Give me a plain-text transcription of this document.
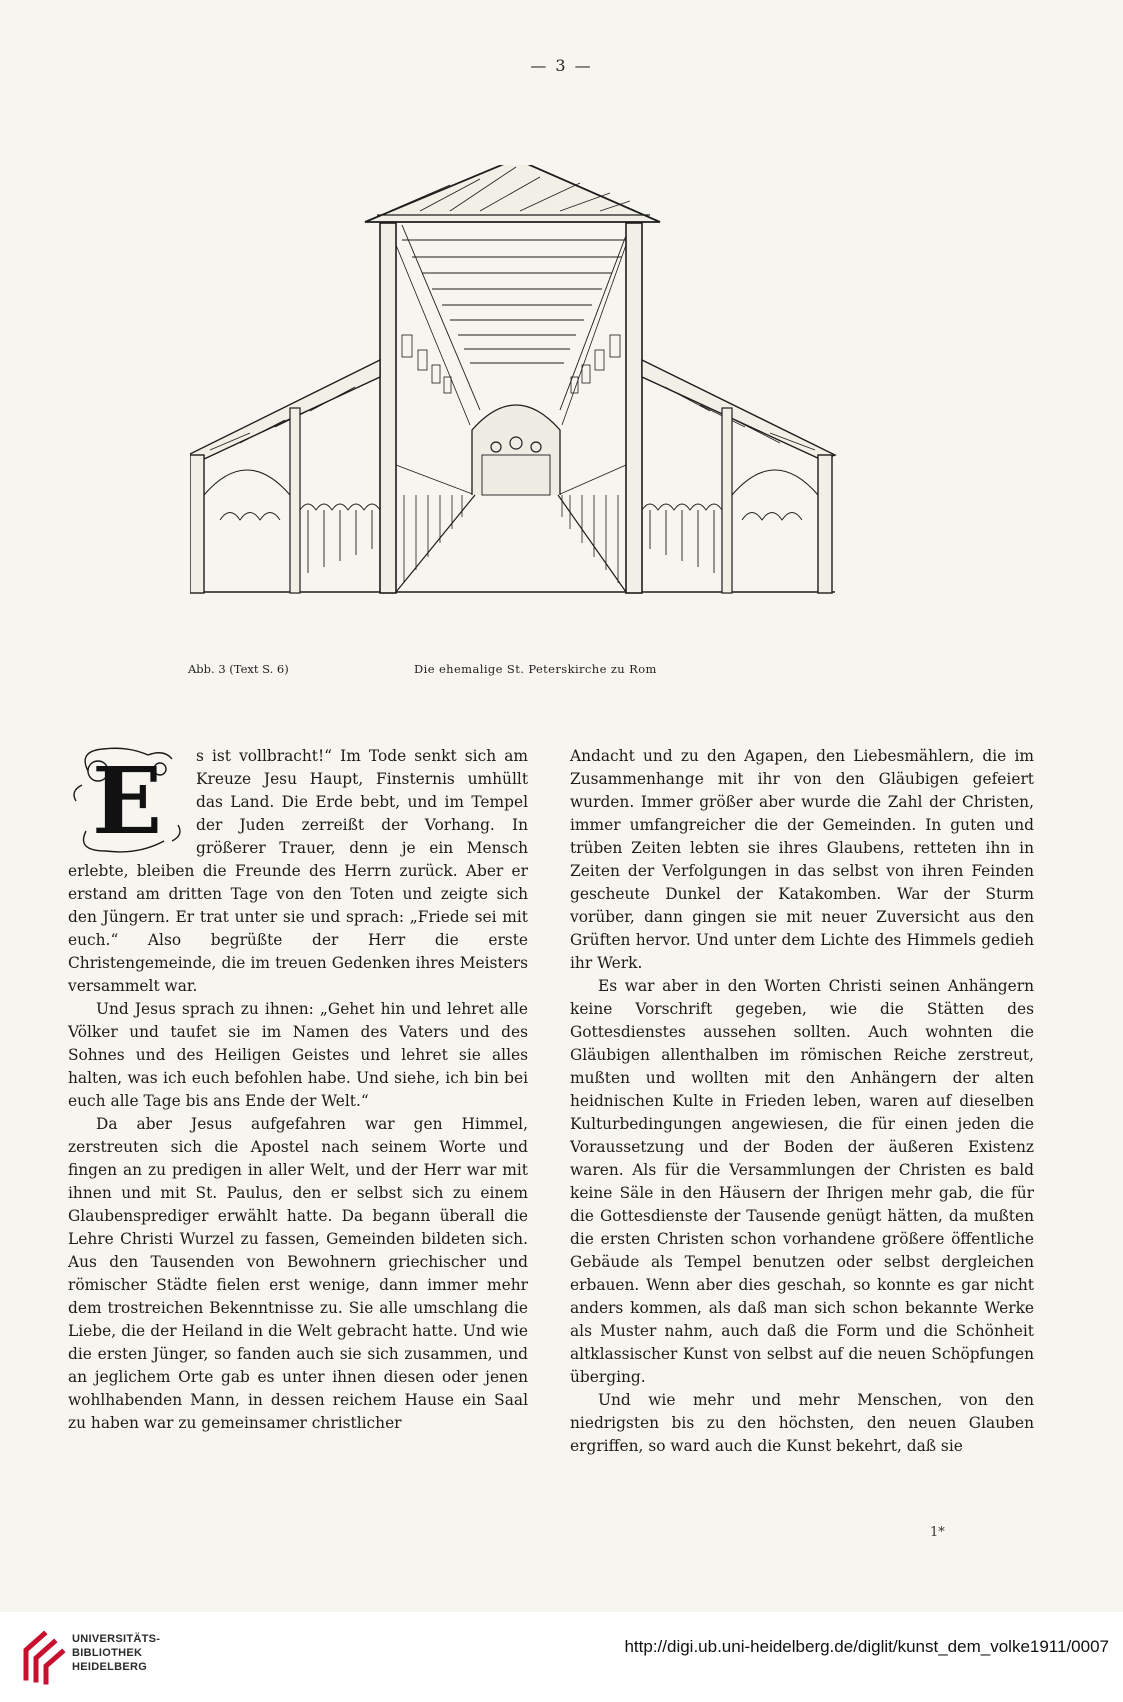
— 3 —
Abb. 3 (Text S. 6)	Die ehemalige St. Peterskirche zu Rom
E	s ist vollbracht!“ Im Tode senkt sich am Kreuze Jesu Haupt, Finsternis umhüllt das Land. Die Erde bebt, und im Tempel der Juden zerreißt der Vorhang. In größerer Trauer, denn je ein Mensch erlebte, bleiben die Freunde des Herrn zurück. Aber er erstand am dritten Tage von den Toten und zeigte sich den Jüngern. Er trat unter sie und sprach: „Friede sei mit euch.“ Also begrüßte der Herr die erste Christengemeinde, die im treuen Gedenken ihres Meisters versammelt war.

Und Jesus sprach zu ihnen: „Gehet hin und lehret alle Völker und taufet sie im Namen des Vaters und des Sohnes und des Heiligen Geistes und lehret sie alles halten, was ich euch befohlen habe. Und siehe, ich bin bei euch alle Tage bis ans Ende der Welt.“

Da aber Jesus aufgefahren war gen Himmel, zerstreuten sich die Apostel nach seinem Worte und fingen an zu predigen in aller Welt, und der Herr war mit ihnen und mit St. Paulus, den er selbst sich zu einem Glaubensprediger erwählt hatte. Da begann überall die Lehre Christi Wurzel zu fassen, Gemeinden bildeten sich. Aus den Tausenden von Bewohnern griechischer und römischer Städte fielen erst wenige, dann immer mehr dem trostreichen Bekenntnisse zu. Sie alle umschlang die Liebe, die der Heiland in die Welt gebracht hatte. Und wie die ersten Jünger, so fanden auch sie sich zusammen, und an jeglichem Orte gab es unter ihnen diesen oder jenen wohlhabenden Mann, in dessen reichem Hause ein Saal zu haben war zu gemeinsamer christlicher

Andacht und zu den Agapen, den Liebesmählern, die im Zusammenhange mit ihr von den Gläubigen gefeiert wurden. Immer größer aber wurde die Zahl der Christen, immer umfangreicher die der Gemeinden. In guten und trüben Zeiten lebten sie ihres Glaubens, retteten ihn in Zeiten der Verfolgungen in das selbst von ihren Feinden gescheute Dunkel der Katakomben. War der Sturm vorüber, dann gingen sie mit neuer Zuversicht aus den Grüften hervor. Und unter dem Lichte des Himmels gedieh ihr Werk.

Es war aber in den Worten Christi seinen Anhängern keine Vorschrift gegeben, wie die Stätten des Gottesdienstes aussehen sollten. Auch wohnten die Gläubigen allenthalben im römischen Reiche zerstreut, mußten und wollten mit den Anhängern der alten heidnischen Kulte in Frieden leben, waren auf dieselben Kulturbedingungen angewiesen, die für einen jeden die Voraussetzung und der Boden der äußeren Existenz waren. Als für die Versammlungen der Christen es bald keine Säle in den Häusern der Ihrigen mehr gab, die für die Gottesdienste der Tausende genügt hätten, da mußten die ersten Christen schon vorhandene größere öffentliche Gebäude als Tempel benutzen oder selbst dergleichen erbauen. Wenn aber dies geschah, so konnte es gar nicht anders kommen, als daß man sich schon bekannte Werke als Muster nahm, auch daß die Form und die Schönheit altklassischer Kunst von selbst auf die neuen Schöpfungen überging.

Und wie mehr und mehr Menschen, von den niedrigsten bis zu den höchsten, den neuen Glauben ergriffen, so ward auch die Kunst bekehrt, daß sie

1*
UNIVERSITÄTS-
BIBLIOTHEK
HEIDELBERG
http://digi.ub.uni-heidelberg.de/diglit/kunst_dem_volke1911/0007
